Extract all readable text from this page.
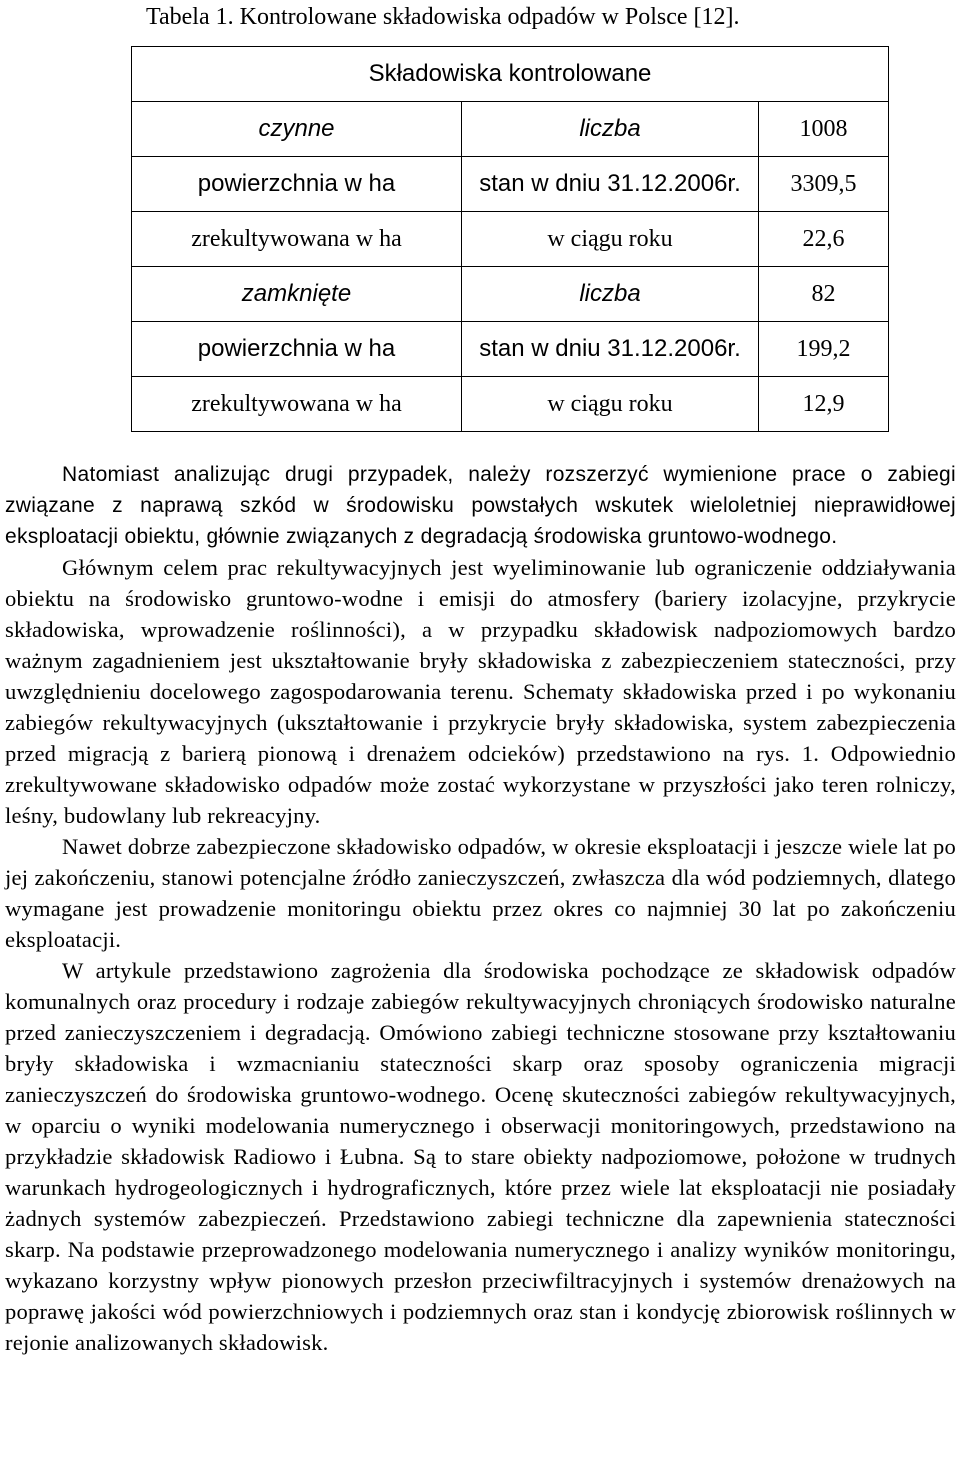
Tabela 1. Kontrolowane składowiska odpadów w Polsce [12].
Składowiska kontrolowane		
czynne	liczba	1008
powierzchnia w ha	stan w dniu 31.12.2006r.	3309,5
zrekultywowana w ha	w ciągu roku	22,6
zamknięte	liczba	82
powierzchnia w ha	stan w dniu 31.12.2006r.	199,2
zrekultywowana w ha	w ciągu roku	12,9

Natomiast analizując drugi przypadek, należy rozszerzyć wymienione prace o zabiegi związane z naprawą szkód w środowisku powstałych wskutek wieloletniej nieprawidłowej eksploatacji obiektu, głównie związanych z degradacją środowiska gruntowo-wodnego.

Głównym celem prac rekultywacyjnych jest wyeliminowanie lub ograniczenie oddziaływania obiektu na środowisko gruntowo-wodne i emisji do atmosfery (bariery izolacyjne, przykrycie składowiska, wprowadzenie roślinności), a w przypadku składowisk nadpoziomowych bardzo ważnym zagadnieniem jest ukształtowanie bryły składowiska z zabezpieczeniem stateczności, przy uwzględnieniu docelowego zagospodarowania terenu. Schematy składowiska przed i po wykonaniu zabiegów rekultywacyjnych (ukształtowanie i przykrycie bryły składowiska, system zabezpieczenia przed migracją z barierą pionową i drenażem odcieków) przedstawiono na rys. 1. Odpowiednio zrekultywowane składowisko odpadów może zostać wykorzystane w przyszłości jako teren rolniczy, leśny, budowlany lub rekreacyjny.

Nawet dobrze zabezpieczone składowisko odpadów, w okresie eksploatacji i jeszcze wiele lat po jej zakończeniu, stanowi potencjalne źródło zanieczyszczeń, zwłaszcza dla wód podziemnych, dlatego wymagane jest prowadzenie monitoringu obiektu przez okres co najmniej 30 lat po zakończeniu eksploatacji.

W artykule przedstawiono zagrożenia dla środowiska pochodzące ze składowisk odpadów komunalnych oraz procedury i rodzaje zabiegów rekultywacyjnych chroniących środowisko naturalne przed zanieczyszczeniem i degradacją. Omówiono zabiegi techniczne stosowane przy kształtowaniu bryły składowiska i wzmacnianiu stateczności skarp oraz sposoby ograniczenia migracji zanieczyszczeń do środowiska gruntowo-wodnego. Ocenę skuteczności zabiegów rekultywacyjnych, w oparciu o wyniki modelowania numerycznego i obserwacji monitoringowych, przedstawiono na przykładzie składowisk Radiowo i Łubna. Są to stare obiekty nadpoziomowe, położone w trudnych warunkach hydrogeologicznych i hydrograficznych, które przez wiele lat eksploatacji nie posiadały żadnych systemów zabezpieczeń. Przedstawiono zabiegi techniczne dla zapewnienia stateczności skarp. Na podstawie przeprowadzonego modelowania numerycznego i analizy wyników monitoringu, wykazano korzystny wpływ pionowych przesłon przeciwfiltracyjnych i systemów drenażowych na poprawę jakości wód powierzchniowych i podziemnych oraz stan i kondycję zbiorowisk roślinnych w rejonie analizowanych składowisk.
